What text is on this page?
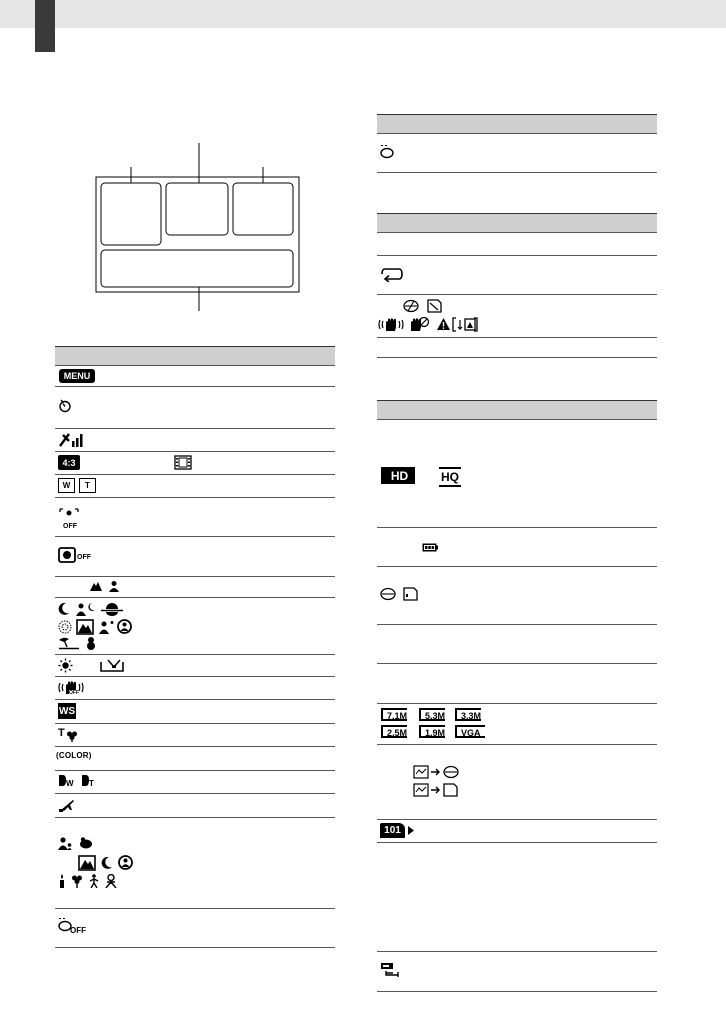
MENU
4:3
W T
OFF
OFF
OFF
WS
T
( COLOR )
W T
OFF
HD	HQ
7.1M	5.3M	3.3M
2.5M	1.9M	VGA
101
